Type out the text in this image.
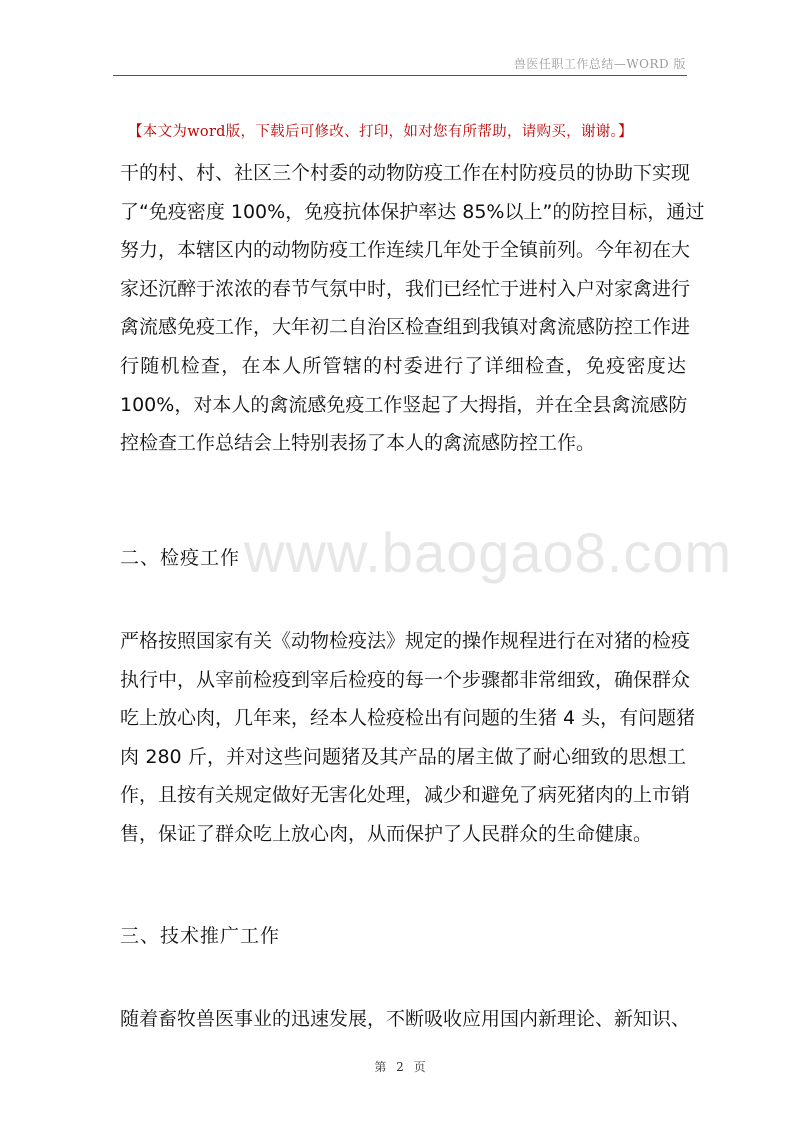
兽医任职工作总结—WORD 版
【本文为word版，下载后可修改、打印，如对您有所帮助，请购买，谢谢。】
www.baogao8.com
干的村、村、社区三个村委的动物防疫工作在村防疫员的协助下实现
了“免疫密度 100%，免疫抗体保护率达 85%以上”的防控目标，通过
努力，本辖区内的动物防疫工作连续几年处于全镇前列。今年初在大
家还沉醉于浓浓的春节气氛中时，我们已经忙于进村入户对家禽进行
禽流感免疫工作，大年初二自治区检查组到我镇对禽流感防控工作进
行随机检查，在本人所管辖的村委进行了详细检查，免疫密度达
100%，对本人的禽流感免疫工作竖起了大拇指，并在全县禽流感防
控检查工作总结会上特别表扬了本人的禽流感防控工作。
二、检疫工作
严格按照国家有关《动物检疫法》规定的操作规程进行在对猪的检疫
执行中，从宰前检疫到宰后检疫的每一个步骤都非常细致，确保群众
吃上放心肉，几年来，经本人检疫检出有问题的生猪 4 头，有问题猪
肉 280 斤，并对这些问题猪及其产品的屠主做了耐心细致的思想工
作，且按有关规定做好无害化处理，减少和避免了病死猪肉的上市销
售，保证了群众吃上放心肉，从而保护了人民群众的生命健康。
三、技术推广工作
随着畜牧兽医事业的迅速发展，不断吸收应用国内新理论、新知识、
第 2 页
